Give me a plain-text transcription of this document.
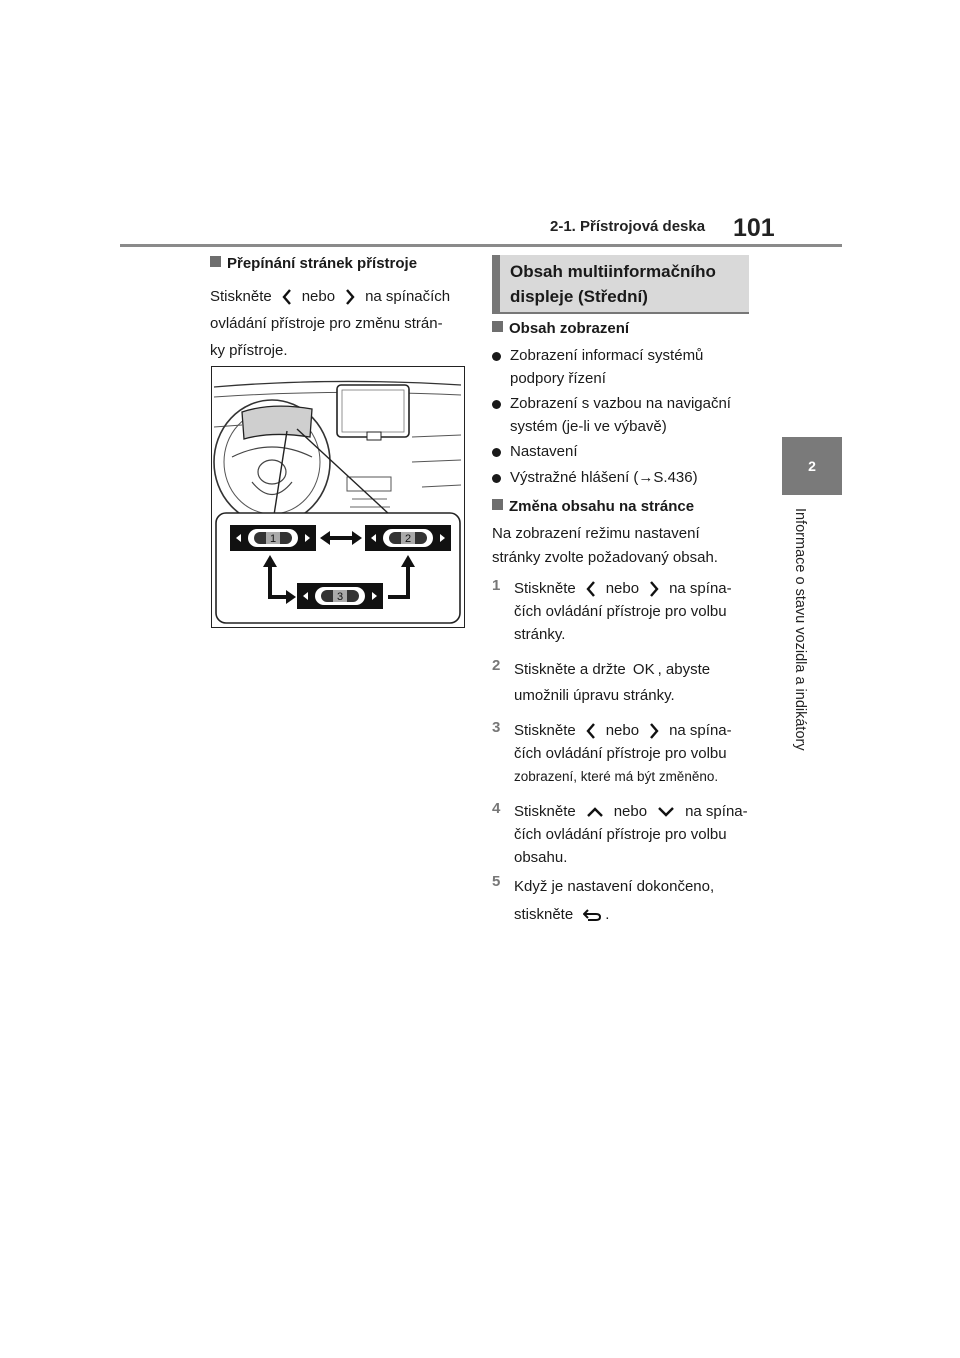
2-1. Přístrojová deska 101
2
Informace o stavu vozidla a indikátory
Přepínání stránek přístroje
Stiskněte nebo na spínačích
ovládání přístroje pro změnu strán-
ky přístroje.
1	2
3
Obsah multiinformačního
displeje (Střední)
Obsah zobrazení
Zobrazení informací systémů
podpory řízení
Zobrazení s vazbou na navigační
systém (je-li ve výbavě)
Nastavení
Výstražné hlášení (→S.436)
Změna obsahu na stránce
Na zobrazení režimu nastavení
stránky zvolte požadovaný obsah.
1 Stiskněte nebo na spína-
čích ovládání přístroje pro volbu
stránky.
2 Stiskněte a držte OK , abyste
umožnili úpravu stránky.
3 Stiskněte nebo na spína-
čích ovládání přístroje pro volbu
zobrazení, které má být změněno.
4 Stiskněte	nebo	na spína-
čích ovládání přístroje pro volbu
obsahu.
5 Když je nastavení dokončeno,
stiskněte .
